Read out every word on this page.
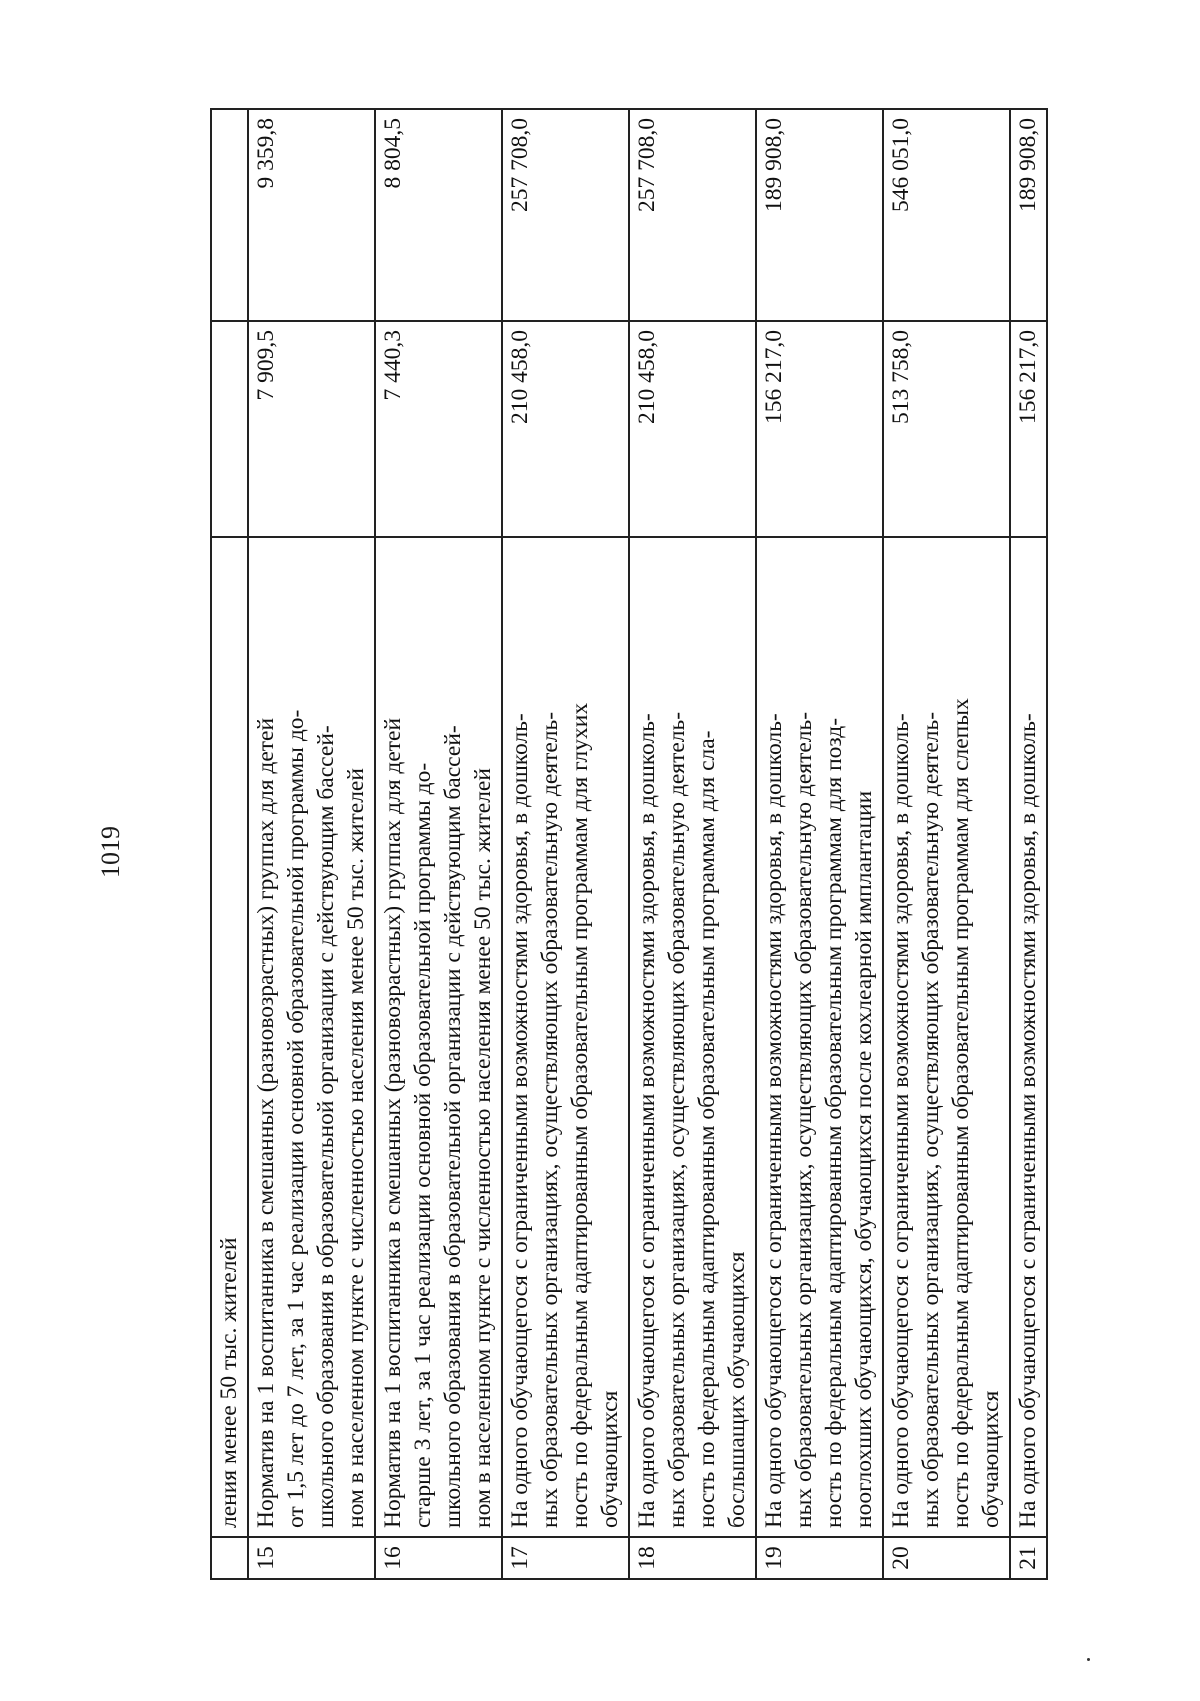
1019
	ления менее 50 тыс. жителей		
15	Норматив на 1 воспитанника в смешанных (разновозрастных) группах для детей от 1,5 лет до 7 лет, за 1 час реализации основной образовательной программы до- школьного образования в образовательной организации с действующим бассей- ном в населенном пункте с численностью населения менее 50 тыс. жителей	7 909,5	9 359,8
16	Норматив на 1 воспитанника в смешанных (разновозрастных) группах для детей старше 3 лет, за 1 час реализации основной образовательной программы до- школьного образования в образовательной организации с действующим бассей- ном в населенном пункте с численностью населения менее 50 тыс. жителей	7 440,3	8 804,5
17	На одного обучающегося с ограниченными возможностями здоровья, в дошколь- ных образовательных организациях, осуществляющих образовательную деятель- ность по федеральным адаптированным образовательным программам для глухих обучающихся	210 458,0	257 708,0
18	На одного обучающегося с ограниченными возможностями здоровья, в дошколь- ных образовательных организациях, осуществляющих образовательную деятель- ность по федеральным адаптированным образовательным программам для сла- бослышащих обучающихся	210 458,0	257 708,0
19	На одного обучающегося с ограниченными возможностями здоровья, в дошколь- ных образовательных организациях, осуществляющих образовательную деятель- ность по федеральным адаптированным образовательным программам для позд- нооглохших обучающихся, обучающихся после кохлеарной имплантации	156 217,0	189 908,0
20	На одного обучающегося с ограниченными возможностями здоровья, в дошколь- ных образовательных организациях, осуществляющих образовательную деятель- ность по федеральным адаптированным образовательным программам для слепых обучающихся	513 758,0	546 051,0
21	На одного обучающегося с ограниченными возможностями здоровья, в дошколь-	156 217,0	189 908,0
